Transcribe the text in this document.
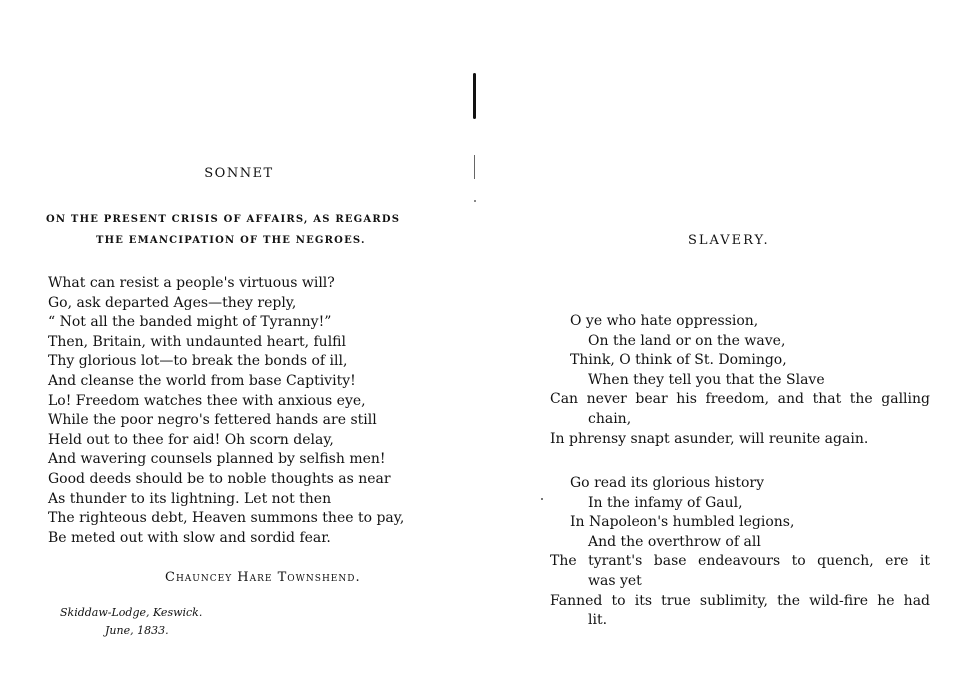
SONNET
ON THE PRESENT CRISIS OF AFFAIRS, AS REGARDS
THE EMANCIPATION OF THE NEGROES.
What can resist a people's virtuous will?
Go, ask departed Ages—they reply,
“ Not all the banded might of Tyranny!”
Then, Britain, with undaunted heart, fulfil
Thy glorious lot—to break the bonds of ill,
And cleanse the world from base Captivity!
Lo! Freedom watches thee with anxious eye,
While the poor negro's fettered hands are still
Held out to thee for aid! Oh scorn delay,
And wavering counsels planned by selfish men!
Good deeds should be to noble thoughts as near
As thunder to its lightning. Let not then
The righteous debt, Heaven summons thee to pay,
Be meted out with slow and sordid fear.
Chauncey Hare Townshend.
Skiddaw-Lodge, Keswick.
June, 1833.
SLAVERY.
O ye who hate oppression,
On the land or on the wave,
Think, O think of St. Domingo,
When they tell you that the Slave
Can never bear his freedom, and that the galling
chain,
In phrensy snapt asunder, will reunite again.
Go read its glorious history
In the infamy of Gaul,
In Napoleon's humbled legions,
And the overthrow of all
The tyrant's base endeavours to quench, ere it
was yet
Fanned to its true sublimity, the wild-fire he had
lit.
